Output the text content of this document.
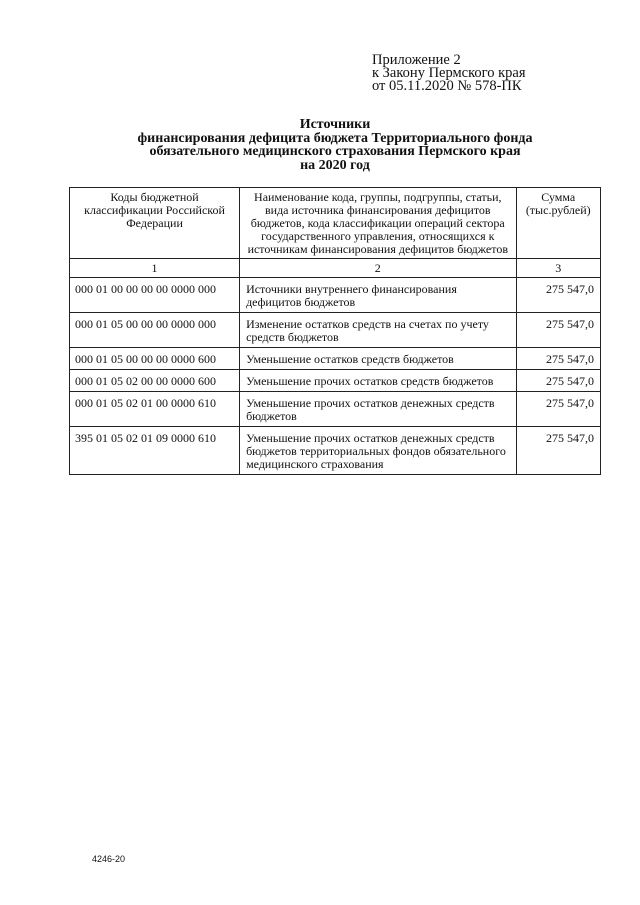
Приложение 2
к Закону Пермского края
от 05.11.2020 № 578-ПК
Источники
финансирования дефицита бюджета Территориального фонда
обязательного медицинского страхования Пермского края
на 2020 год
Коды бюджетной классификации Российской Федерации	Наименование кода, группы, подгруппы, статьи, вида источника финансирования дефицитов бюджетов, кода классификации операций сектора государственного управления, относящихся к источникам финансирования дефицитов бюджетов	Сумма (тыс.рублей)
1	2	3
000 01 00 00 00 00 0000 000	Источники внутреннего финансирования дефицитов бюджетов	275 547,0
000 01 05 00 00 00 0000 000	Изменение остатков средств на счетах по учету средств бюджетов	275 547,0
000 01 05 00 00 00 0000 600	Уменьшение остатков средств бюджетов	275 547,0
000 01 05 02 00 00 0000 600	Уменьшение прочих остатков средств бюджетов	275 547,0
000 01 05 02 01 00 0000 610	Уменьшение прочих остатков денежных средств бюджетов	275 547,0
395 01 05 02 01 09 0000 610	Уменьшение прочих остатков денежных средств бюджетов территориальных фондов обязательного медицинского страхования	275 547,0
4246-20
